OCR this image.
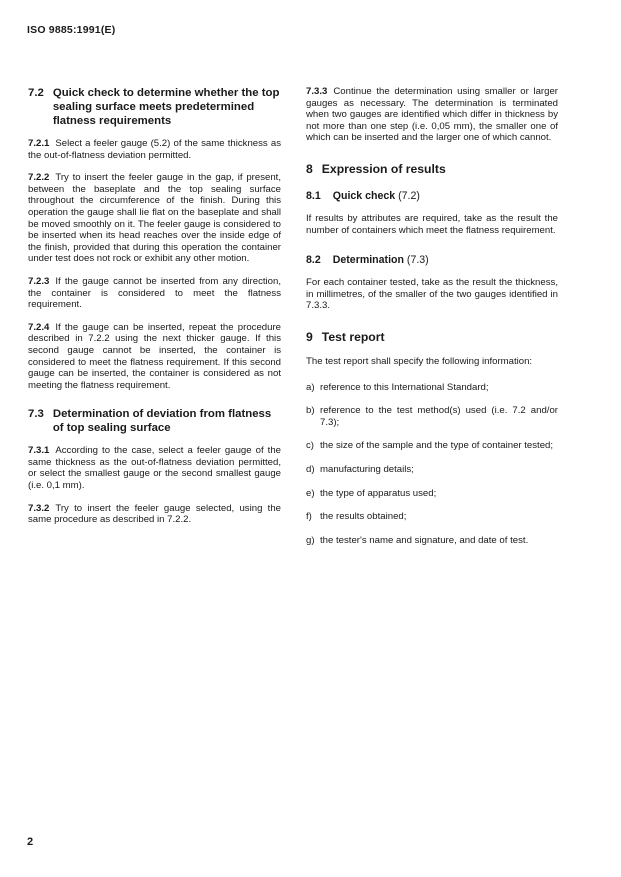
ISO 9885:1991(E)
7.2 Quick check to determine whether the top sealing surface meets predetermined flatness requirements

7.2.1 Select a feeler gauge (5.2) of the same thickness as the out-of-flatness deviation permitted.

7.2.2 Try to insert the feeler gauge in the gap, if present, between the baseplate and the top sealing surface throughout the circumference of the finish. During this operation the gauge shall lie flat on the baseplate and shall be moved smoothly on it. The feeler gauge is considered to be inserted when its head reaches over the inside edge of the finish, provided that during this operation the container under test does not rock or exhibit any other motion.

7.2.3 If the gauge cannot be inserted from any direction, the container is considered to meet the flatness requirement.

7.2.4 If the gauge can be inserted, repeat the procedure described in 7.2.2 using the next thicker gauge. If this second gauge cannot be inserted, the container is considered to meet the flatness requirement. If this second gauge can be inserted, the container is considered as not meeting the flatness requirement.

7.3 Determination of deviation from flatness of top sealing surface

7.3.1 According to the case, select a feeler gauge of the same thickness as the out-of-flatness deviation permitted, or select the smallest gauge or the second smallest gauge (i.e. 0,1 mm).

7.3.2 Try to insert the feeler gauge selected, using the same procedure as described in 7.2.2.

7.3.3 Continue the determination using smaller or larger gauges as necessary. The determination is terminated when two gauges are identified which differ in thickness by not more than one step (i.e. 0,05 mm), the smaller one of which can be inserted and the larger one of which cannot.

8 Expression of results
8.1 Quick check (7.2)

If results by attributes are required, take as the result the number of containers which meet the flatness requirement.

8.2 Determination (7.3)

For each container tested, take as the result the thickness, in millimetres, of the smaller of the two gauges identified in 7.3.3.

9 Test report

The test report shall specify the following information:

a) reference to this International Standard;
b) reference to the test method(s) used (i.e. 7.2 and/or 7.3);
c) the size of the sample and the type of container tested;
d) manufacturing details;
e) the type of apparatus used;
f) the results obtained;
g) the tester's name and signature, and date of test.
2
